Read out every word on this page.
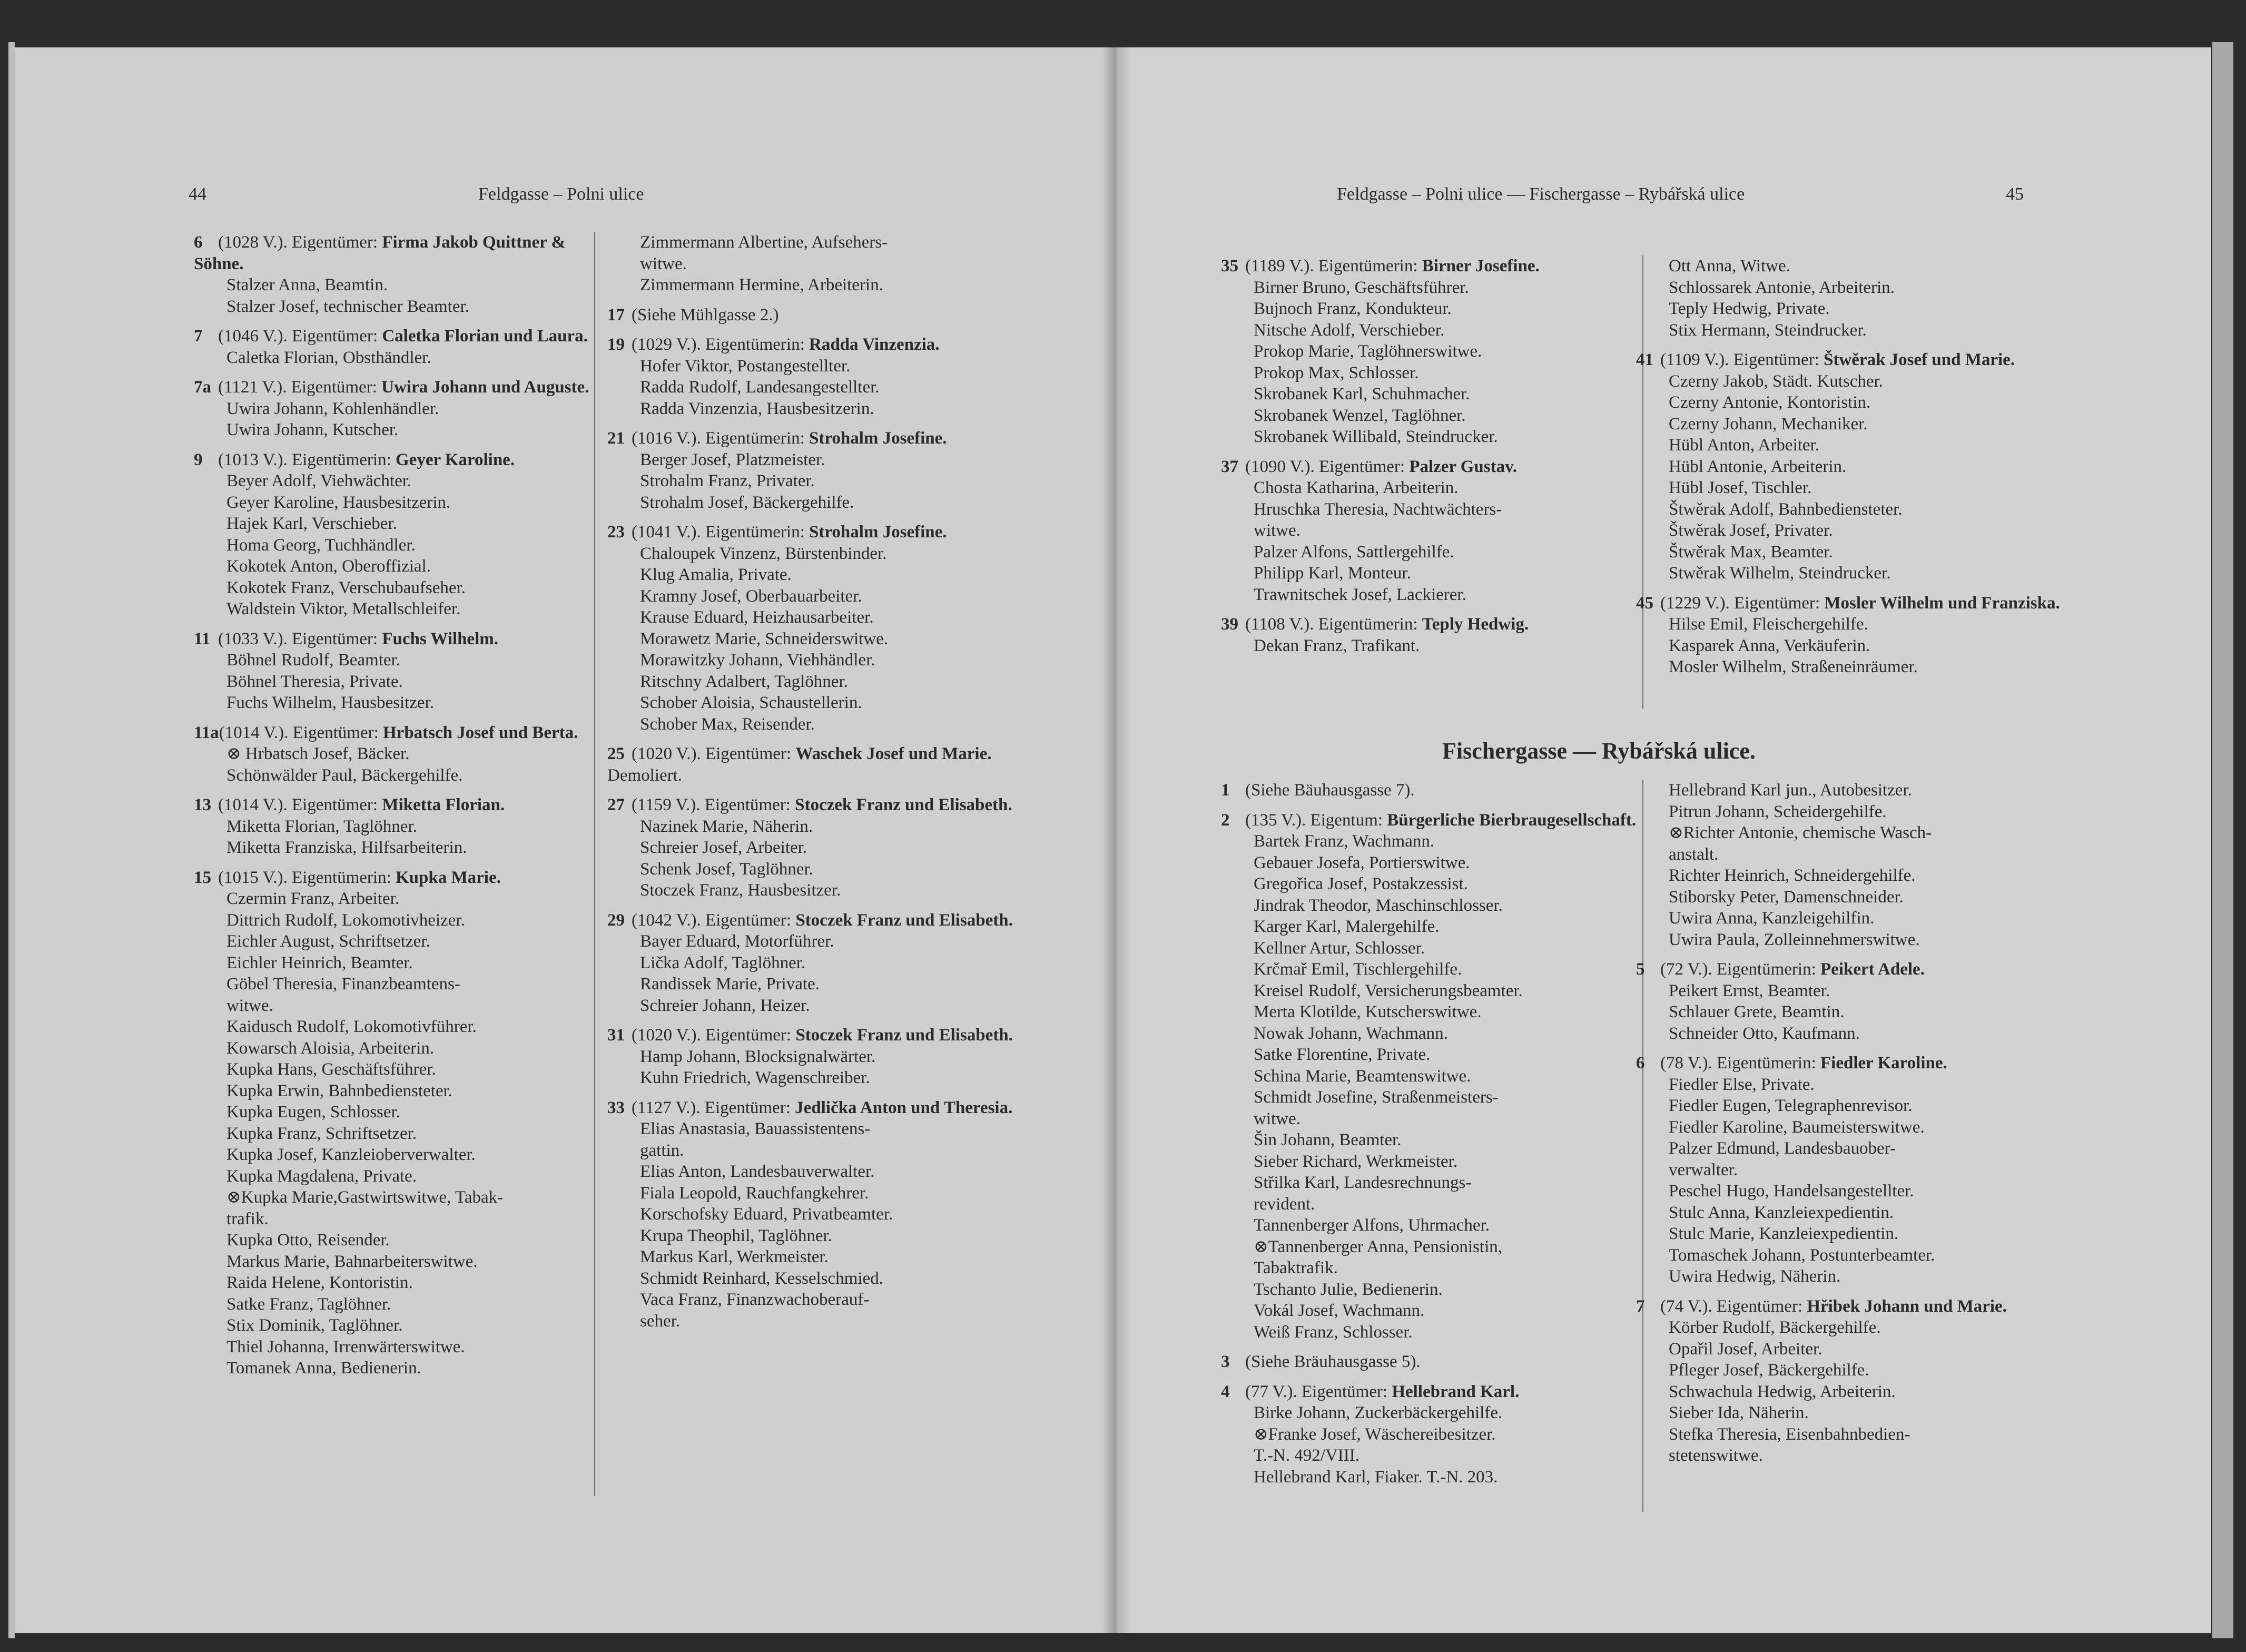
44	Feldgasse – Polni ulice
6 (1028 V.). Eigentümer: Firma Jakob Quittner & Söhne.
Stalzer Anna, Beamtin.
Stalzer Josef, technischer Beamter.
7 (1046 V.). Eigentümer: Caletka Florian und Laura.
Caletka Florian, Obsthändler.
7a (1121 V.). Eigentümer: Uwira Johann und Auguste.
Uwira Johann, Kohlenhändler.
Uwira Johann, Kutscher.
9 (1013 V.). Eigentümerin: Geyer Karoline.
Beyer Adolf, Viehwächter.
Geyer Karoline, Hausbesitzerin.
Hajek Karl, Verschieber.
Homa Georg, Tuchhändler.
Kokotek Anton, Oberoffizial.
Kokotek Franz, Verschubaufseher.
Waldstein Viktor, Metallschleifer.
11 (1033 V.). Eigentümer: Fuchs Wilhelm.
Böhnel Rudolf, Beamter.
Böhnel Theresia, Private.
Fuchs Wilhelm, Hausbesitzer.
11a(1014 V.). Eigentümer: Hrbatsch Josef und Berta.
⊗ Hrbatsch Josef, Bäcker.
Schönwälder Paul, Bäckergehilfe.
13 (1014 V.). Eigentümer: Miketta Florian.
Miketta Florian, Taglöhner.
Miketta Franziska, Hilfsarbeiterin.
15 (1015 V.). Eigentümerin: Kupka Marie.
Czermin Franz, Arbeiter.
Dittrich Rudolf, Lokomotivheizer.
Eichler August, Schriftsetzer.
Eichler Heinrich, Beamter.
Göbel Theresia, Finanzbeamtens-
witwe.
Kaidusch Rudolf, Lokomotivführer.
Kowarsch Aloisia, Arbeiterin.
Kupka Hans, Geschäftsführer.
Kupka Erwin, Bahnbediensteter.
Kupka Eugen, Schlosser.
Kupka Franz, Schriftsetzer.
Kupka Josef, Kanzleioberverwalter.
Kupka Magdalena, Private.
⊗Kupka Marie,Gastwirtswitwe, Tabak-
trafik.
Kupka Otto, Reisender.
Markus Marie, Bahnarbeiterswitwe.
Raida Helene, Kontoristin.
Satke Franz, Taglöhner.
Stix Dominik, Taglöhner.
Thiel Johanna, Irrenwärterswitwe.
Tomanek Anna, Bedienerin.
Zimmermann Albertine, Aufsehers-
witwe.
Zimmermann Hermine, Arbeiterin.
17 (Siehe Mühlgasse 2.)
19 (1029 V.). Eigentümerin: Radda Vinzenzia.
Hofer Viktor, Postangestellter.
Radda Rudolf, Landesangestellter.
Radda Vinzenzia, Hausbesitzerin.
21 (1016 V.). Eigentümerin: Strohalm Josefine.
Berger Josef, Platzmeister.
Strohalm Franz, Privater.
Strohalm Josef, Bäckergehilfe.
23 (1041 V.). Eigentümerin: Strohalm Josefine.
Chaloupek Vinzenz, Bürstenbinder.
Klug Amalia, Private.
Kramny Josef, Oberbauarbeiter.
Krause Eduard, Heizhausarbeiter.
Morawetz Marie, Schneiderswitwe.
Morawitzky Johann, Viehhändler.
Ritschny Adalbert, Taglöhner.
Schober Aloisia, Schaustellerin.
Schober Max, Reisender.
25 (1020 V.). Eigentümer: Waschek Josef und Marie. Demoliert.
27 (1159 V.). Eigentümer: Stoczek Franz und Elisabeth.
Nazinek Marie, Näherin.
Schreier Josef, Arbeiter.
Schenk Josef, Taglöhner.
Stoczek Franz, Hausbesitzer.
29 (1042 V.). Eigentümer: Stoczek Franz und Elisabeth.
Bayer Eduard, Motorführer.
Lička Adolf, Taglöhner.
Randissek Marie, Private.
Schreier Johann, Heizer.
31 (1020 V.). Eigentümer: Stoczek Franz und Elisabeth.
Hamp Johann, Blocksignalwärter.
Kuhn Friedrich, Wagenschreiber.
33 (1127 V.). Eigentümer: Jedlička Anton und Theresia.
Elias Anastasia, Bauassistentens-
gattin.
Elias Anton, Landesbauverwalter.
Fiala Leopold, Rauchfangkehrer.
Korschofsky Eduard, Privatbeamter.
Krupa Theophil, Taglöhner.
Markus Karl, Werkmeister.
Schmidt Reinhard, Kesselschmied.
Vaca Franz, Finanzwachoberauf-
seher.
Feldgasse – Polni ulice — Fischergasse – Rybářská ulice	45
35 (1189 V.). Eigentümerin: Birner Josefine.
Birner Bruno, Geschäftsführer.
Bujnoch Franz, Kondukteur.
Nitsche Adolf, Verschieber.
Prokop Marie, Taglöhnerswitwe.
Prokop Max, Schlosser.
Skrobanek Karl, Schuhmacher.
Skrobanek Wenzel, Taglöhner.
Skrobanek Willibald, Steindrucker.
37 (1090 V.). Eigentümer: Palzer Gustav.
Chosta Katharina, Arbeiterin.
Hruschka Theresia, Nachtwächters-
witwe.
Palzer Alfons, Sattlergehilfe.
Philipp Karl, Monteur.
Trawnitschek Josef, Lackierer.
39 (1108 V.). Eigentümerin: Teply Hedwig.
Dekan Franz, Trafikant.
Ott Anna, Witwe.
Schlossarek Antonie, Arbeiterin.
Teply Hedwig, Private.
Stix Hermann, Steindrucker.
41 (1109 V.). Eigentümer: Štwěrak Josef und Marie.
Czerny Jakob, Städt. Kutscher.
Czerny Antonie, Kontoristin.
Czerny Johann, Mechaniker.
Hübl Anton, Arbeiter.
Hübl Antonie, Arbeiterin.
Hübl Josef, Tischler.
Štwěrak Adolf, Bahnbediensteter.
Štwěrak Josef, Privater.
Štwěrak Max, Beamter.
Stwěrak Wilhelm, Steindrucker.
45 (1229 V.). Eigentümer: Mosler Wilhelm und Franziska.
Hilse Emil, Fleischergehilfe.
Kasparek Anna, Verkäuferin.
Mosler Wilhelm, Straßeneinräumer.
Fischergasse — Rybářská ulice.
1 (Siehe Bäuhausgasse 7).
2 (135 V.). Eigentum: Bürgerliche Bierbraugesellschaft.
Bartek Franz, Wachmann.
Gebauer Josefa, Portierswitwe.
Gregořica Josef, Postakzessist.
Jindrak Theodor, Maschinschlosser.
Karger Karl, Malergehilfe.
Kellner Artur, Schlosser.
Krčmař Emil, Tischlergehilfe.
Kreisel Rudolf, Versicherungsbeamter.
Merta Klotilde, Kutscherswitwe.
Nowak Johann, Wachmann.
Satke Florentine, Private.
Schina Marie, Beamtenswitwe.
Schmidt Josefine, Straßenmeisters-
witwe.
Šin Johann, Beamter.
Sieber Richard, Werkmeister.
Střilka Karl, Landesrechnungs-
revident.
Tannenberger Alfons, Uhrmacher.
⊗Tannenberger Anna, Pensionistin,
Tabaktrafik.
Tschanto Julie, Bedienerin.
Vokál Josef, Wachmann.
Weiß Franz, Schlosser.
3 (Siehe Bräuhausgasse 5).
4 (77 V.). Eigentümer: Hellebrand Karl.
Birke Johann, Zuckerbäckergehilfe.
⊗Franke Josef, Wäschereibesitzer.
T.-N. 492/VIII.
Hellebrand Karl, Fiaker. T.-N. 203.
Hellebrand Karl jun., Autobesitzer.
Pitrun Johann, Scheidergehilfe.
⊗Richter Antonie, chemische Wasch-
anstalt.
Richter Heinrich, Schneidergehilfe.
Stiborsky Peter, Damenschneider.
Uwira Anna, Kanzleigehilfin.
Uwira Paula, Zolleinnehmerswitwe.
5 (72 V.). Eigentümerin: Peikert Adele.
Peikert Ernst, Beamter.
Schlauer Grete, Beamtin.
Schneider Otto, Kaufmann.
6 (78 V.). Eigentümerin: Fiedler Karoline.
Fiedler Else, Private.
Fiedler Eugen, Telegraphenrevisor.
Fiedler Karoline, Baumeisterswitwe.
Palzer Edmund, Landesbauober-
verwalter.
Peschel Hugo, Handelsangestellter.
Stulc Anna, Kanzleiexpedientin.
Stulc Marie, Kanzleiexpedientin.
Tomaschek Johann, Postunterbeamter.
Uwira Hedwig, Näherin.
7 (74 V.). Eigentümer: Hřibek Johann und Marie.
Körber Rudolf, Bäckergehilfe.
Opařil Josef, Arbeiter.
Pfleger Josef, Bäckergehilfe.
Schwachula Hedwig, Arbeiterin.
Sieber Ida, Näherin.
Stefka Theresia, Eisenbahnbedien-
stetenswitwe.
